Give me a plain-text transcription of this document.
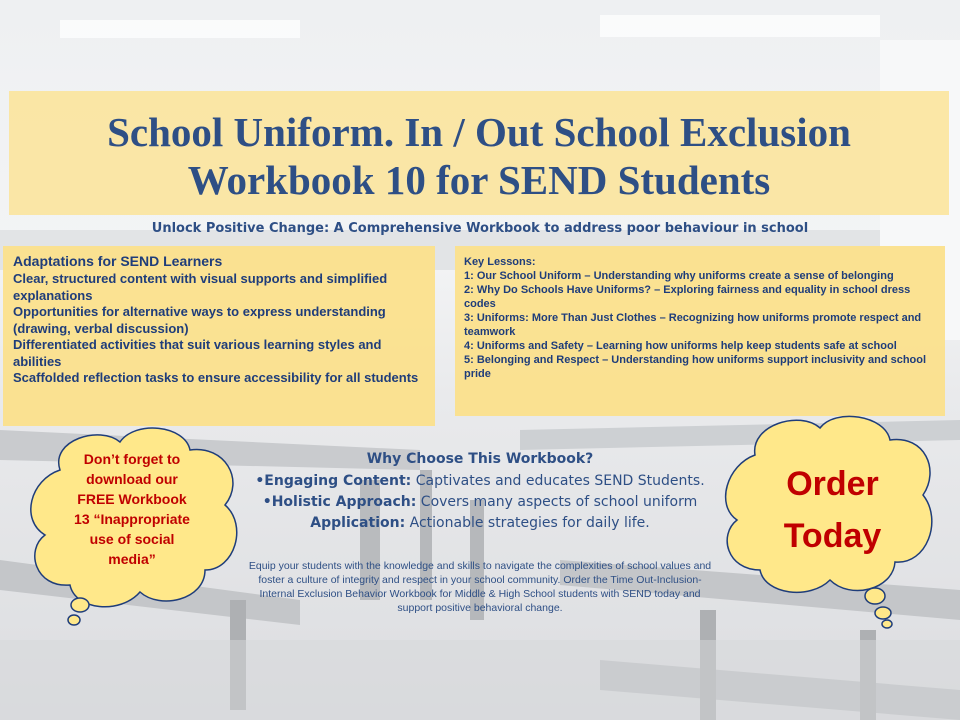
School Uniform. In / Out School Exclusion
Workbook 10 for SEND Students
Unlock Positive Change: A Comprehensive Workbook to address poor behaviour in school
Adaptations for SEND Learners
Clear, structured content with visual supports and simplified explanations
Opportunities for alternative ways to express understanding (drawing, verbal discussion)
Differentiated activities that suit various learning styles and abilities
Scaffolded reflection tasks to ensure accessibility for all students
Key Lessons:
1: Our School Uniform – Understanding why uniforms create a sense of belonging
2: Why Do Schools Have Uniforms? – Exploring fairness and equality in school dress codes
3: Uniforms: More Than Just Clothes – Recognizing how uniforms promote respect and teamwork
4: Uniforms and Safety – Learning how uniforms help keep students safe at school
5: Belonging and Respect – Understanding how uniforms support inclusivity and school pride
Why Choose This Workbook?
•Engaging Content: Captivates and educates SEND Students.
•Holistic Approach: Covers many aspects of school uniform
Application: Actionable strategies for daily life.
Equip your students with the knowledge and skills to navigate the complexities of school values and foster a culture of integrity and respect in your school community. Order the Time Out-Inclusion- Internal Exclusion Behavior Workbook for Middle & High School students with SEND today and support positive behavioral change.
Don’t forget to
download our
FREE Workbook
13 “Inappropriate
use of social
media”
Order
Today
